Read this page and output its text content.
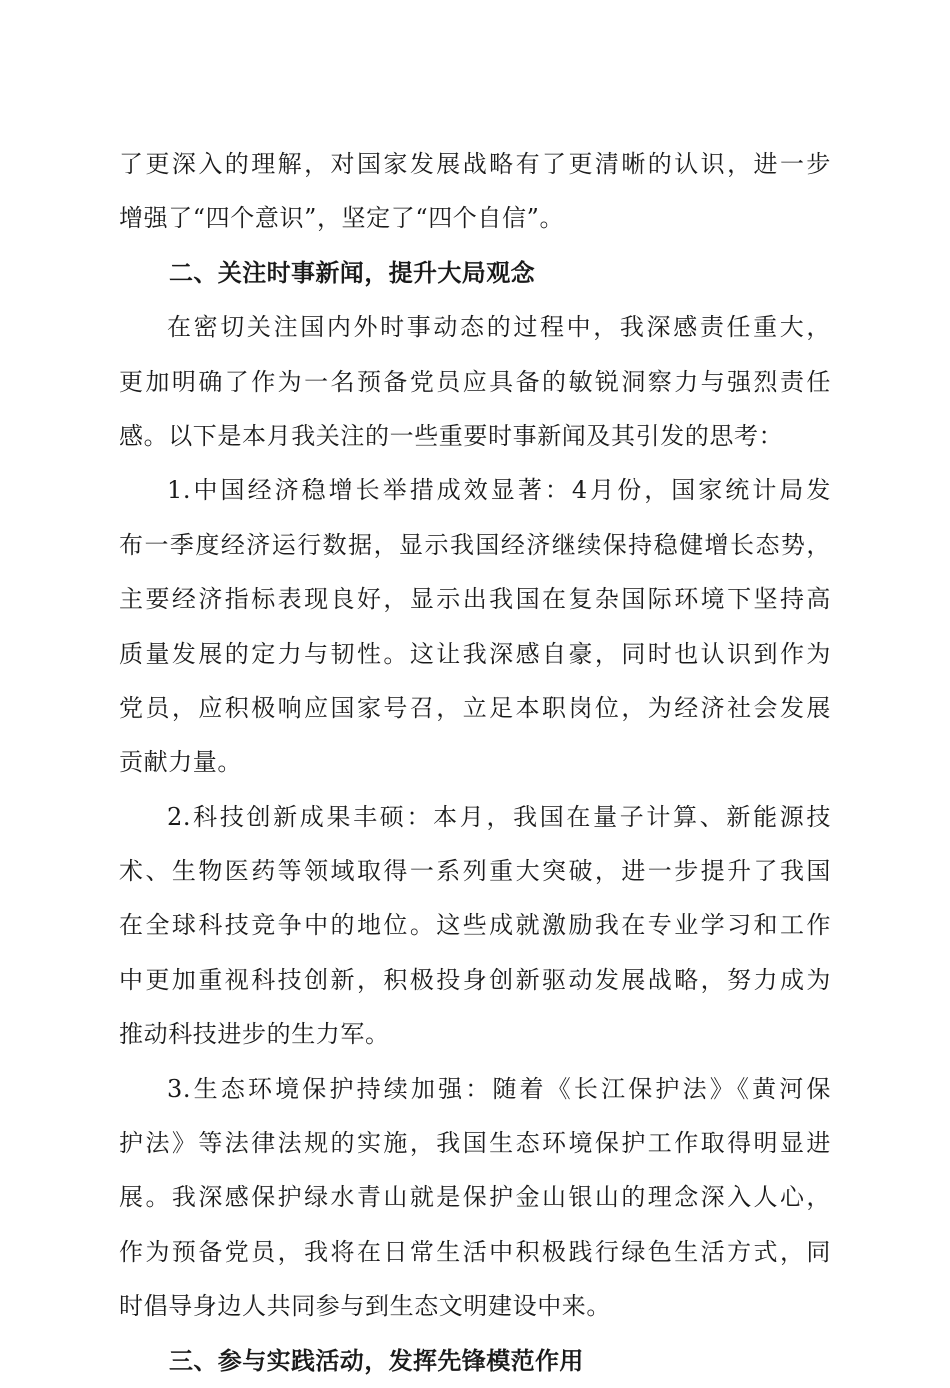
了更深入的理解，对国家发展战略有了更清晰的认识，进一步
增强了“四个意识”，坚定了“四个自信”。
二、关注时事新闻，提升大局观念
在密切关注国内外时事动态的过程中，我深感责任重大，
更加明确了作为一名预备党员应具备的敏锐洞察力与强烈责任
感。以下是本月我关注的一些重要时事新闻及其引发的思考：
1.中国经济稳增长举措成效显著：4月份，国家统计局发
布一季度经济运行数据，显示我国经济继续保持稳健增长态势，
主要经济指标表现良好，显示出我国在复杂国际环境下坚持高
质量发展的定力与韧性。这让我深感自豪，同时也认识到作为
党员，应积极响应国家号召，立足本职岗位，为经济社会发展
贡献力量。
2.科技创新成果丰硕：本月，我国在量子计算、新能源技
术、生物医药等领域取得一系列重大突破，进一步提升了我国
在全球科技竞争中的地位。这些成就激励我在专业学习和工作
中更加重视科技创新，积极投身创新驱动发展战略，努力成为
推动科技进步的生力军。
3.生态环境保护持续加强：随着《长江保护法》《黄河保
护法》等法律法规的实施，我国生态环境保护工作取得明显进
展。我深感保护绿水青山就是保护金山银山的理念深入人心，
作为预备党员，我将在日常生活中积极践行绿色生活方式，同
时倡导身边人共同参与到生态文明建设中来。
三、参与实践活动，发挥先锋模范作用
